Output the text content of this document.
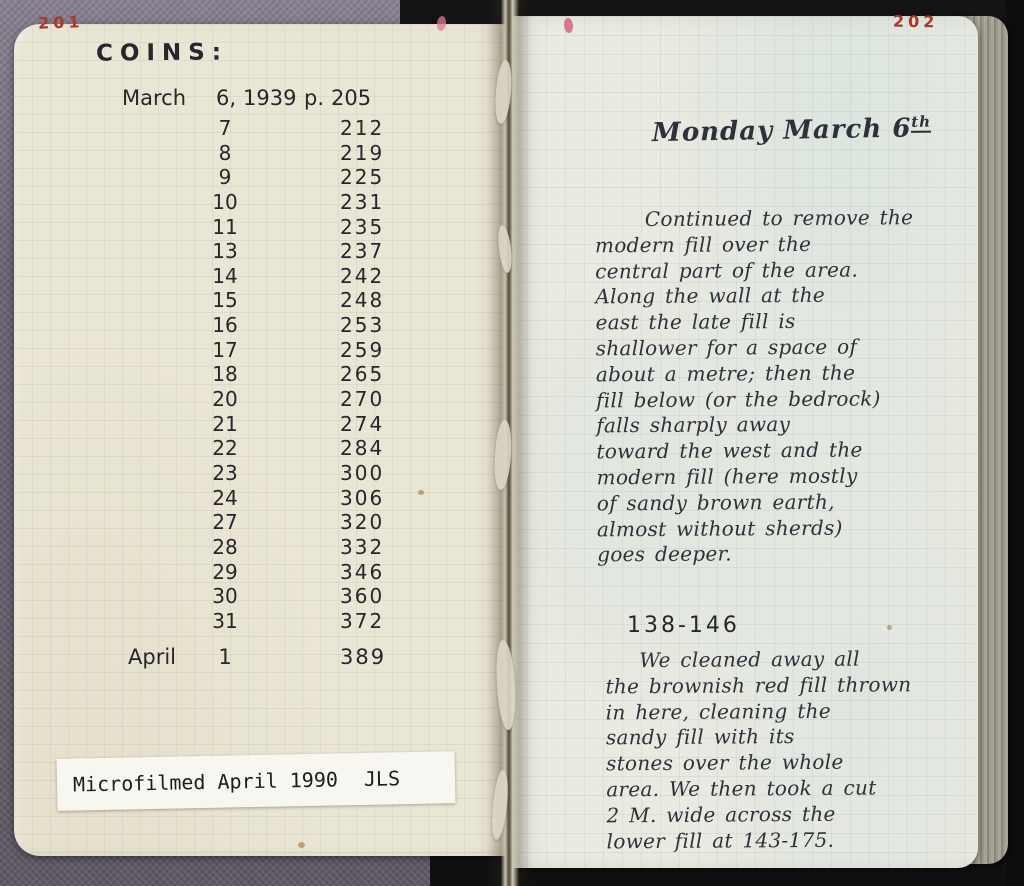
201	202
COINS:
March 6, 1939 p. 205
7	212
8	219
9	225
10	231
11	235
13	237
14	242
15	248
16	253
17	259
18	265
20	270
21	274
22	284
23	300
24	306
27	320
28	332
29	346
30	360
31	372
April	1	389
Microfilmed April 1990 JLS
Monday March 6th
Continued to remove the
modern fill over the
central part of the area.
Along the wall at the
east the late fill is
shallower for a space of
about a metre; then the
fill below (or the bedrock)
falls sharply away
toward the west and the
modern fill (here mostly
of sandy brown earth,
almost without sherds)
goes deeper.
138-146
We cleaned away all
the brownish red fill thrown
in here, cleaning the
sandy fill with its
stones over the whole
area. We then took a cut
2 M. wide across the
lower fill at 143-175.
